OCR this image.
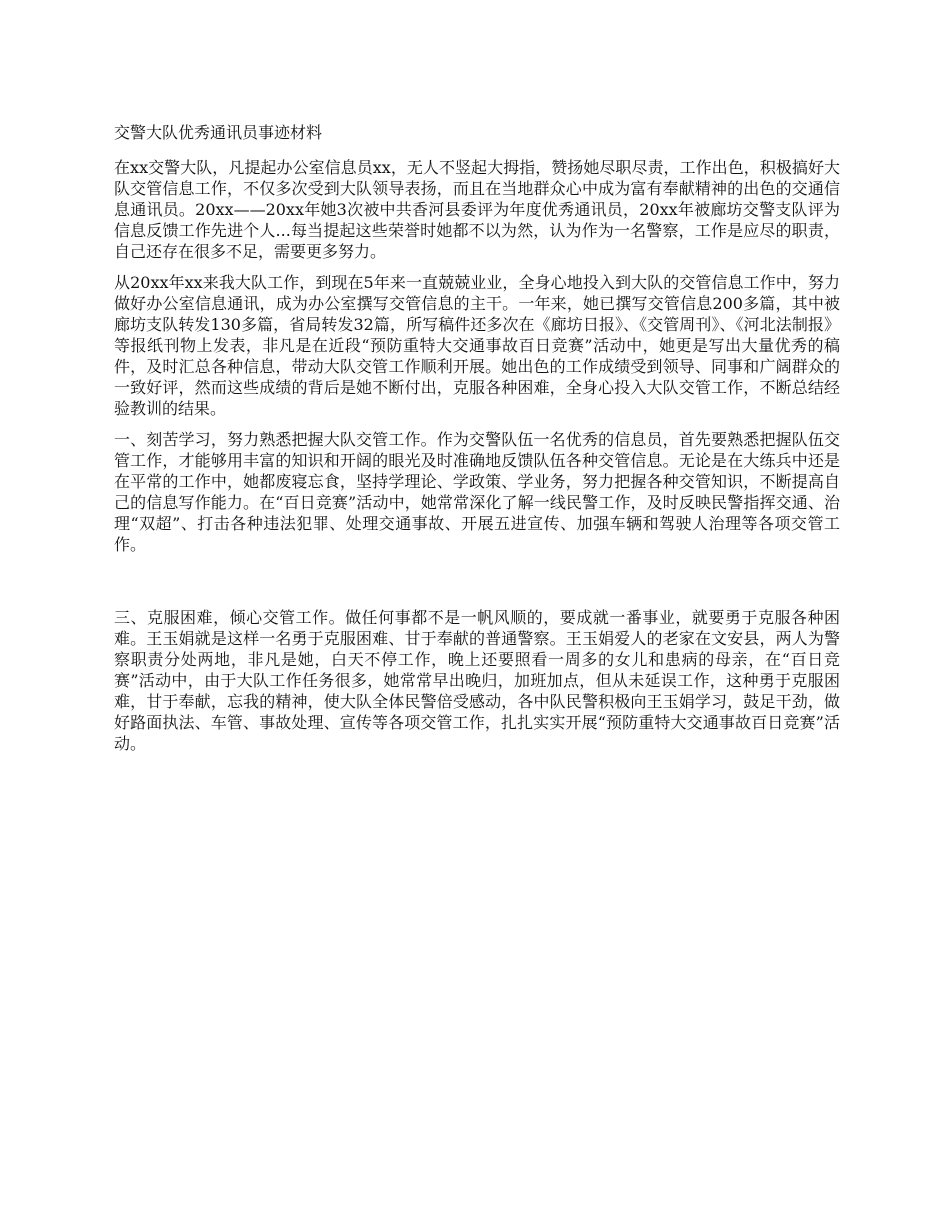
交警大队优秀通讯员事迹材料

在xx交警大队，凡提起办公室信息员xx，无人不竖起大拇指，赞扬她尽职尽责，工作出色，积极搞好大队交管信息工作，不仅多次受到大队领导表扬，而且在当地群众心中成为富有奉献精神的出色的交通信息通讯员。20xx——20xx年她3次被中共香河县委评为年度优秀通讯员，20xx年被廊坊交警支队评为信息反馈工作先进个人...每当提起这些荣誉时她都不以为然，认为作为一名警察，工作是应尽的职责，自己还存在很多不足，需要更多努力。

从20xx年xx来我大队工作，到现在5年来一直兢兢业业，全身心地投入到大队的交管信息工作中，努力做好办公室信息通讯，成为办公室撰写交管信息的主干。一年来，她已撰写交管信息200多篇，其中被廊坊支队转发130多篇，省局转发32篇，所写稿件还多次在《廊坊日报》、《交管周刊》、《河北法制报》等报纸刊物上发表，非凡是在近段“预防重特大交通事故百日竞赛”活动中，她更是写出大量优秀的稿件，及时汇总各种信息，带动大队交管工作顺利开展。她出色的工作成绩受到领导、同事和广阔群众的一致好评，然而这些成绩的背后是她不断付出，克服各种困难，全身心投入大队交管工作，不断总结经验教训的结果。

一、刻苦学习，努力熟悉把握大队交管工作。作为交警队伍一名优秀的信息员，首先要熟悉把握队伍交管工作，才能够用丰富的知识和开阔的眼光及时准确地反馈队伍各种交管信息。无论是在大练兵中还是在平常的工作中，她都废寝忘食，坚持学理论、学政策、学业务，努力把握各种交管知识，不断提高自己的信息写作能力。在“百日竞赛”活动中，她常常深化了解一线民警工作，及时反映民警指挥交通、治理“双超”、打击各种违法犯罪、处理交通事故、开展五进宣传、加强车辆和驾驶人治理等各项交管工作。

三、克服困难，倾心交管工作。做任何事都不是一帆风顺的，要成就一番事业，就要勇于克服各种困难。王玉娟就是这样一名勇于克服困难、甘于奉献的普通警察。王玉娟爱人的老家在文安县，两人为警察职责分处两地，非凡是她，白天不停工作，晚上还要照看一周多的女儿和患病的母亲，在“百日竞赛”活动中，由于大队工作任务很多，她常常早出晚归，加班加点，但从未延误工作，这种勇于克服困难，甘于奉献，忘我的精神，使大队全体民警倍受感动，各中队民警积极向王玉娟学习，鼓足干劲，做好路面执法、车管、事故处理、宣传等各项交管工作，扎扎实实开展“预防重特大交通事故百日竞赛”活动。
